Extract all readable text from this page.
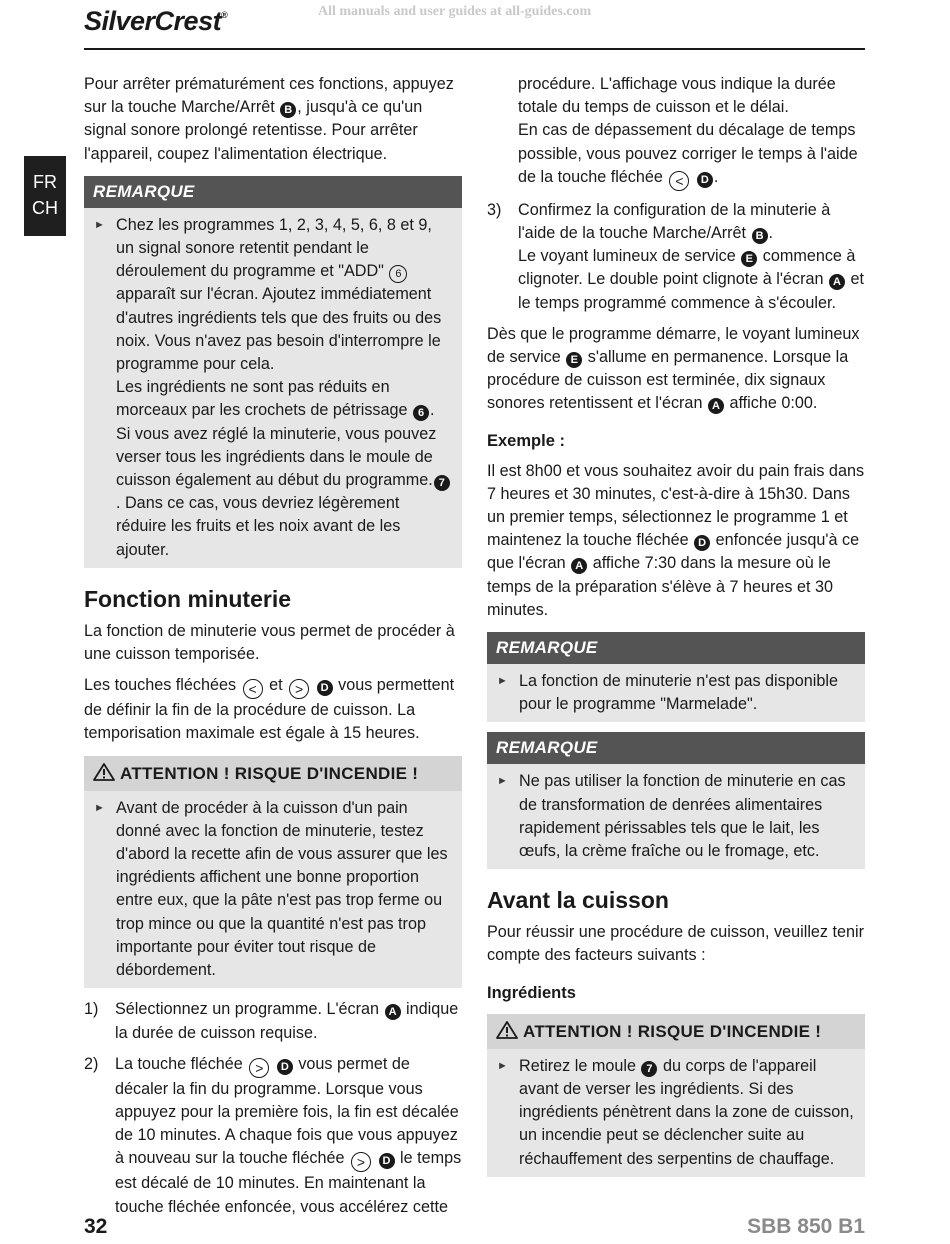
SilverCrest®	All manuals and user guides at all-guides.com
FR
CH

Pour arrêter prématurément ces fonctions, appuyez sur la touche Marche/Arrêt B , jusqu'à ce qu'un signal sonore prolongé retentisse. Pour arrêter l'appareil, coupez l'alimentation électrique.

REMARQUE
► Chez les programmes 1, 2, 3, 4, 5, 6, 8 et 9, un signal sonore retentit pendant le déroulement du programme et "ADD" 6 apparaît sur l'écran. Ajoutez immédiatement d'autres ingrédients tels que des fruits ou des noix. Vous n'avez pas besoin d'interrompre le programme pour cela.

Les ingrédients ne sont pas réduits en morceaux par les crochets de pétrissage 6 . Si vous avez réglé la minuterie, vous pouvez verser tous les ingrédients dans le moule de cuisson également au début du programme. 7. Dans ce cas, vous devriez légèrement réduire les fruits et les noix avant de les ajouter.

Fonction minuterie

La fonction de minuterie vous permet de procéder à une cuisson temporisée.

Les touches fléchées < et > D vous permettent de définir la fin de la procédure de cuisson. La temporisation maximale est égale à 15 heures.

ATTENTION ! RISQUE D'INCENDIE !
► Avant de procéder à la cuisson d'un pain donné avec la fonction de minuterie, testez d'abord la recette afin de vous assurer que les ingrédients affichent une bonne proportion entre eux, que la pâte n'est pas trop ferme ou trop mince ou que la quantité n'est pas trop importante pour éviter tout risque de débordement.

1)	Sélectionnez un programme. L'écran A indique la durée de cuisson requise.

2)	La touche fléchée > D vous permet de décaler la fin du programme. Lorsque vous appuyez pour la première fois, la fin est décalée de 10 minutes. A chaque fois que vous appuyez à nouveau sur la touche fléchée > D le temps est décalé de 10 minutes. En maintenant la touche fléchée enfoncée, vous accélérez cette

procédure. L'affichage vous indique la durée totale du temps de cuisson et le délai.

En cas de dépassement du décalage de temps possible, vous pouvez corriger le temps à l'aide de la touche fléchée < D .

3)	Confirmez la configuration de la minuterie à l'aide de la touche Marche/Arrêt B .

Le voyant lumineux de service E commence à clignoter. Le double point clignote à l'écran A et le temps programmé commence à s'écouler.

Dès que le programme démarre, le voyant lumineux de service E s'allume en permanence. Lorsque la procédure de cuisson est terminée, dix signaux sonores retentissent et l'écran A affiche 0:00.

Exemple :

Il est 8h00 et vous souhaitez avoir du pain frais dans 7 heures et 30 minutes, c'est-à-dire à 15h30. Dans un premier temps, sélectionnez le programme 1 et maintenez la touche fléchée D enfoncée jusqu'à ce que l'écran A affiche 7:30 dans la mesure où le temps de la préparation s'élève à 7 heures et 30 minutes.

REMARQUE
► La fonction de minuterie n'est pas disponible pour le programme "Marmelade".

REMARQUE
► Ne pas utiliser la fonction de minuterie en cas de transformation de denrées alimentaires rapidement périssables tels que le lait, les œufs, la crème fraîche ou le fromage, etc.

Avant la cuisson

Pour réussir une procédure de cuisson, veuillez tenir compte des facteurs suivants :

Ingrédients
ATTENTION ! RISQUE D'INCENDIE !
► Retirez le moule 7 du corps de l'appareil avant de verser les ingrédients. Si des ingrédients pénètrent dans la zone de cuisson, un incendie peut se déclencher suite au réchauffement des serpentins de chauffage.

32	SBB 850 B1
